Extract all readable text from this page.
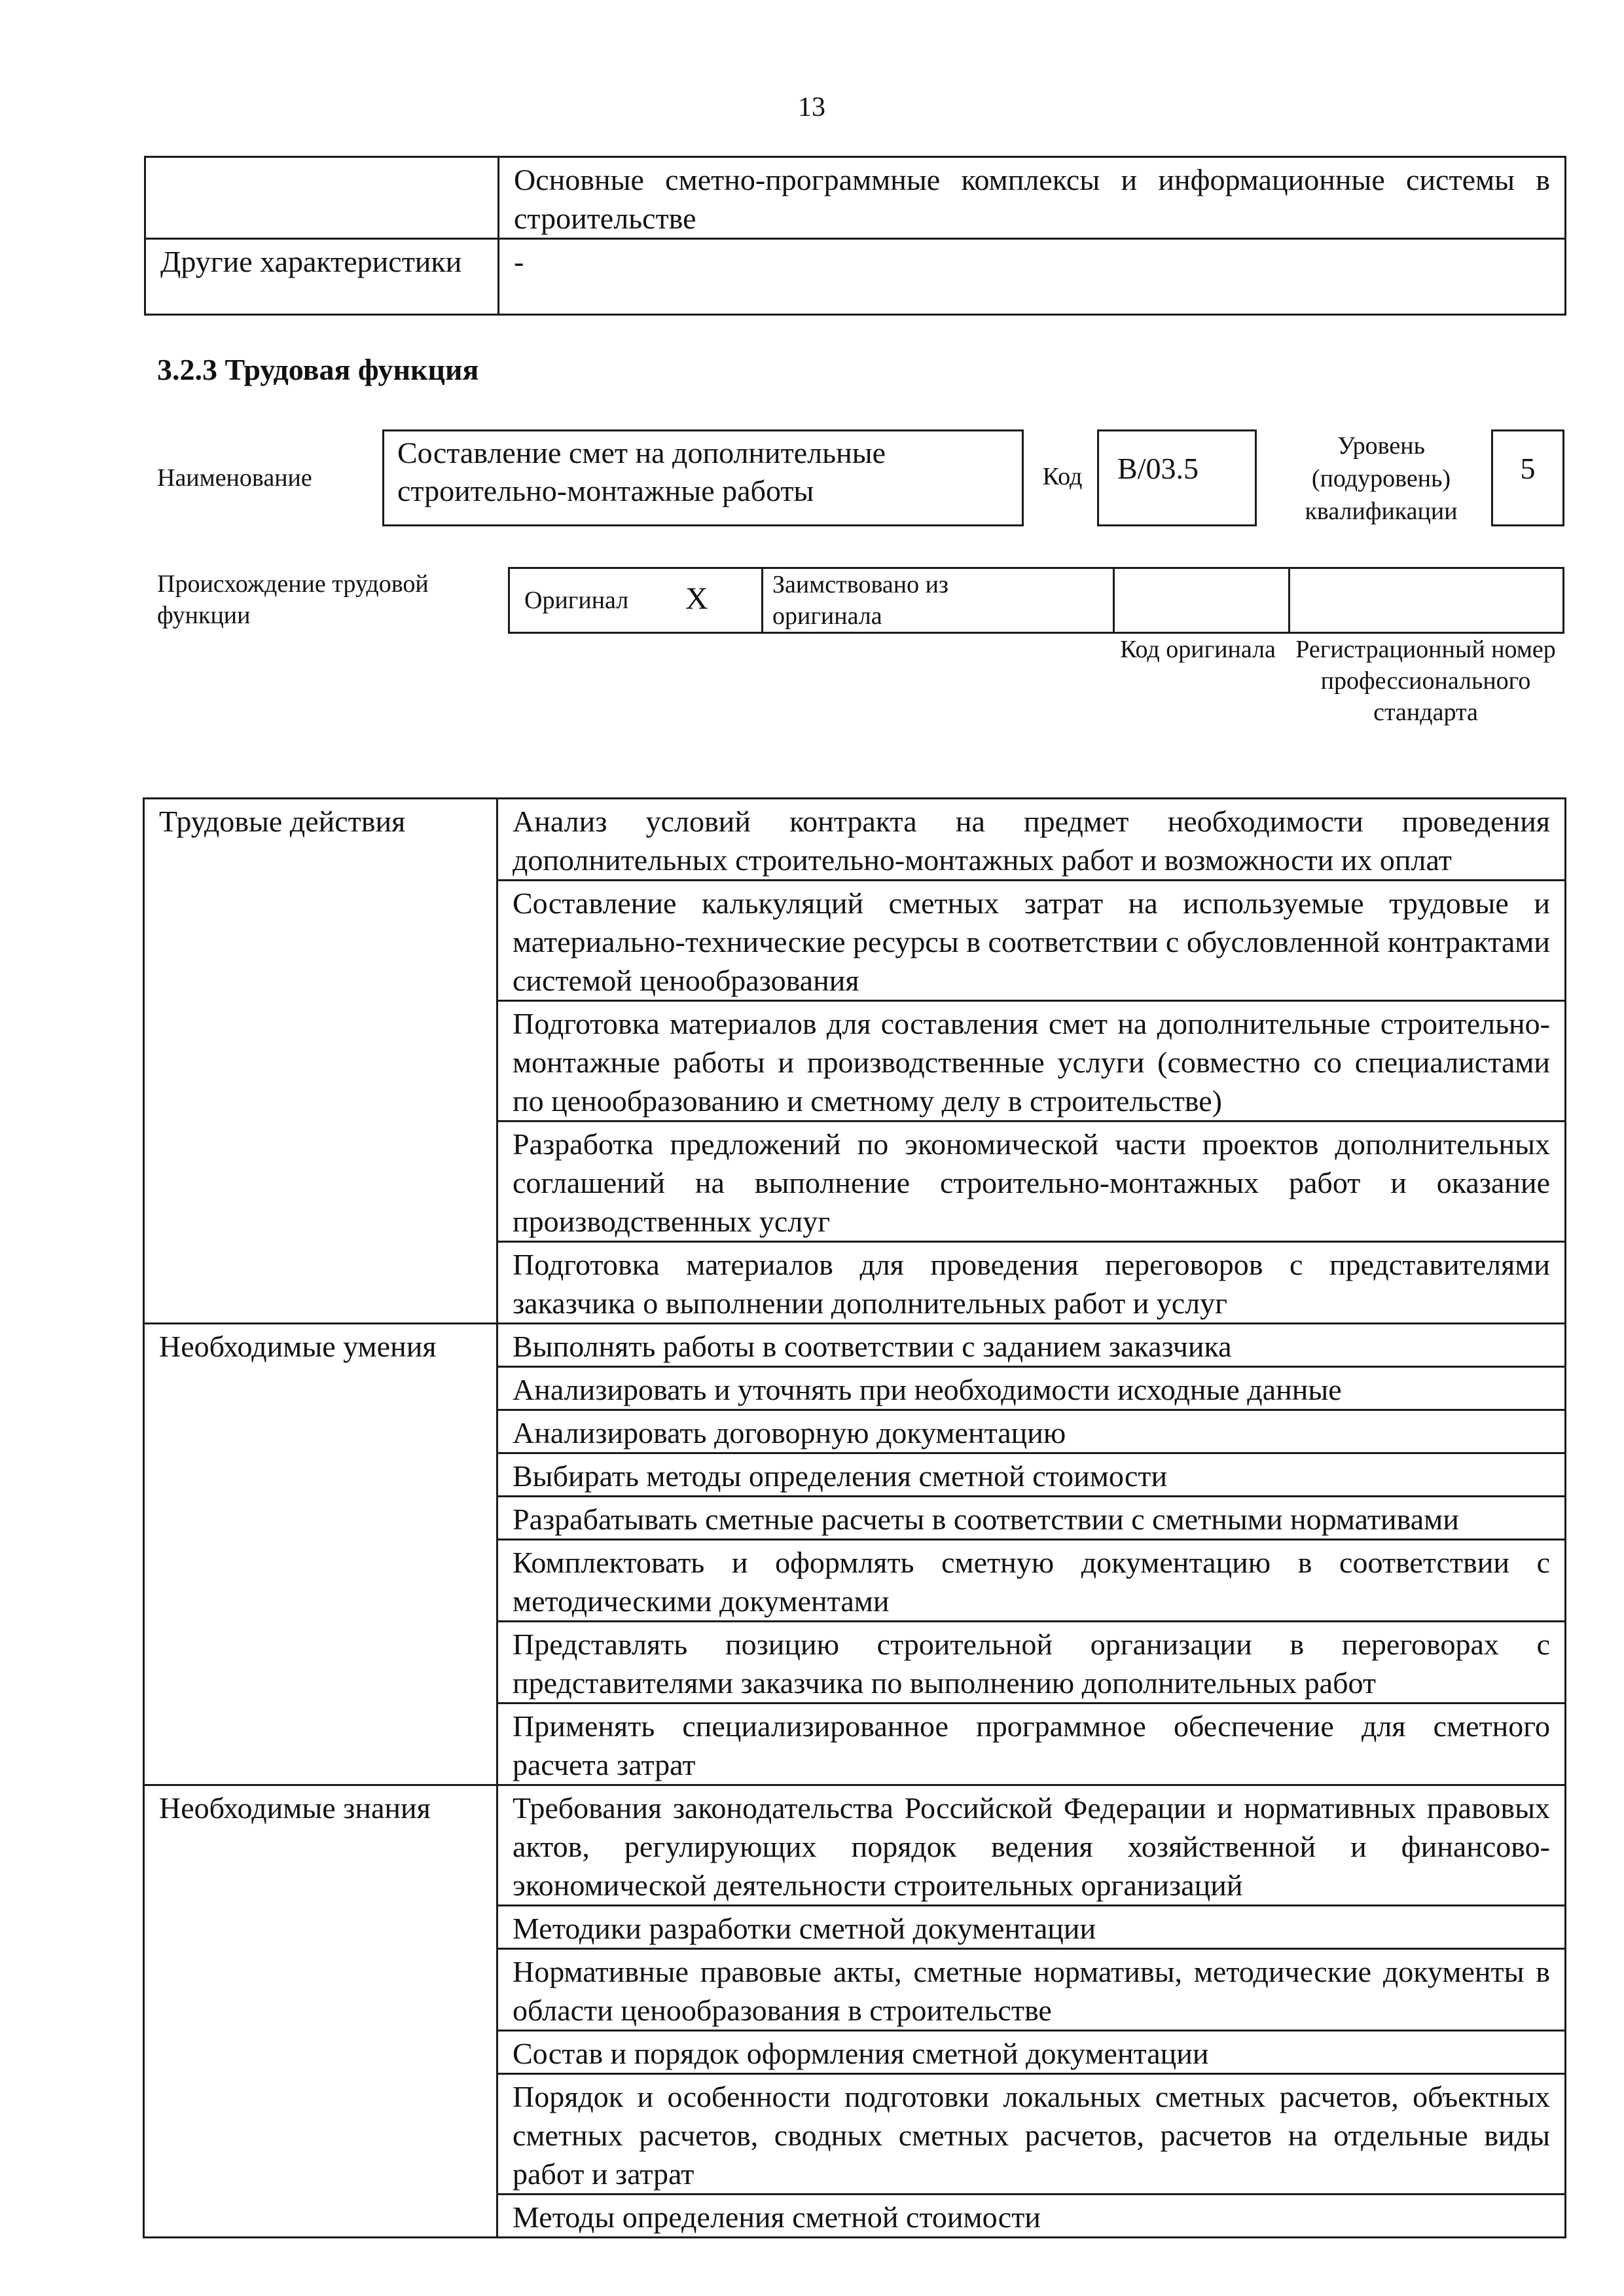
13
	Основные сметно-программные комплексы и информационные системы в строительстве
Другие характеристики	-
3.2.3 Трудовая функция
Наименование
Составление смет на дополнительные строительно-монтажные работы	Код	B/03.5
Уровень (подуровень) квалификации
5
Происхождение трудовой функции
Оригинал X	Заимствовано из оригинала
Код оригинала Регистрационный номер профессионального стандарта
Трудовые действия	Анализ условий контракта на предмет необходимости проведения дополнительных строительно-монтажных работ и возможности их оплат
	Составление калькуляций сметных затрат на используемые трудовые и материально-технические ресурсы в соответствии с обусловленной контрактами системой ценообразования
	Подготовка материалов для составления смет на дополнительные строительно-монтажные работы и производственные услуги (совместно со специалистами по ценообразованию и сметному делу в строительстве)
	Разработка предложений по экономической части проектов дополнительных соглашений на выполнение строительно-монтажных работ и оказание производственных услуг
	Подготовка материалов для проведения переговоров с представителями заказчика о выполнении дополнительных работ и услуг
Необходимые умения	Выполнять работы в соответствии с заданием заказчика
	Анализировать и уточнять при необходимости исходные данные
	Анализировать договорную документацию
	Выбирать методы определения сметной стоимости
	Разрабатывать сметные расчеты в соответствии с сметными нормативами
	Комплектовать и оформлять сметную документацию в соответствии с методическими документами
	Представлять позицию строительной организации в переговорах с представителями заказчика по выполнению дополнительных работ
	Применять специализированное программное обеспечение для сметного расчета затрат
Необходимые знания	Требования законодательства Российской Федерации и нормативных правовых актов, регулирующих порядок ведения хозяйственной и финансово-экономической деятельности строительных организаций
	Методики разработки сметной документации
	Нормативные правовые акты, сметные нормативы, методические документы в области ценообразования в строительстве
	Состав и порядок оформления сметной документации
	Порядок и особенности подготовки локальных сметных расчетов, объектных сметных расчетов, сводных сметных расчетов, расчетов на отдельные виды работ и затрат
	Методы определения сметной стоимости
